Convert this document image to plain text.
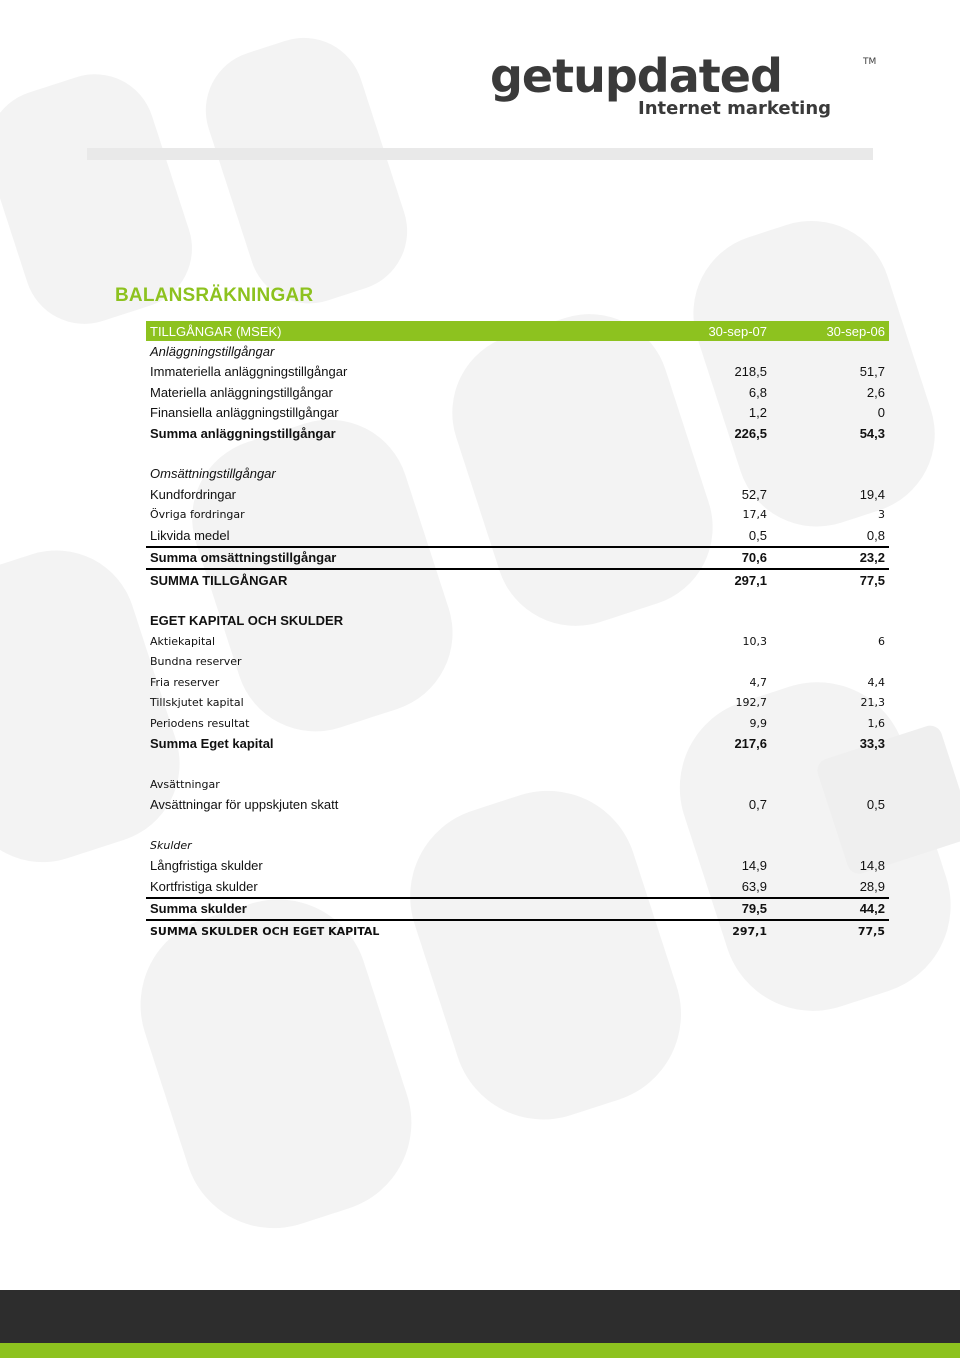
getupdated	TM
Internet marketing
BALANSRÄKNINGAR
TILLGÅNGAR (MSEK)	30-sep-07	30-sep-06
Anläggningstillgångar		
Immateriella anläggningstillgångar	218,5	51,7
Materiella anläggningstillgångar	6,8	2,6
Finansiella anläggningstillgångar	1,2	0
Summa anläggningstillgångar	226,5	54,3

Omsättningstillgångar		
Kundfordringar	52,7	19,4
Övriga fordringar	17,4	3
Likvida medel	0,5	0,8
Summa omsättningstillgångar	70,6	23,2
SUMMA TILLGÅNGAR	297,1	77,5

EGET KAPITAL OCH SKULDER		
Aktiekapital	10,3	6
Bundna reserver		
Fria reserver	4,7	4,4
Tillskjutet kapital	192,7	21,3
Periodens resultat	9,9	1,6
Summa Eget kapital	217,6	33,3

Avsättningar		
Avsättningar för uppskjuten skatt	0,7	0,5

Skulder		
Långfristiga skulder	14,9	14,8
Kortfristiga skulder	63,9	28,9
Summa skulder	79,5	44,2
SUMMA SKULDER OCH EGET KAPITAL	297,1	77,5
